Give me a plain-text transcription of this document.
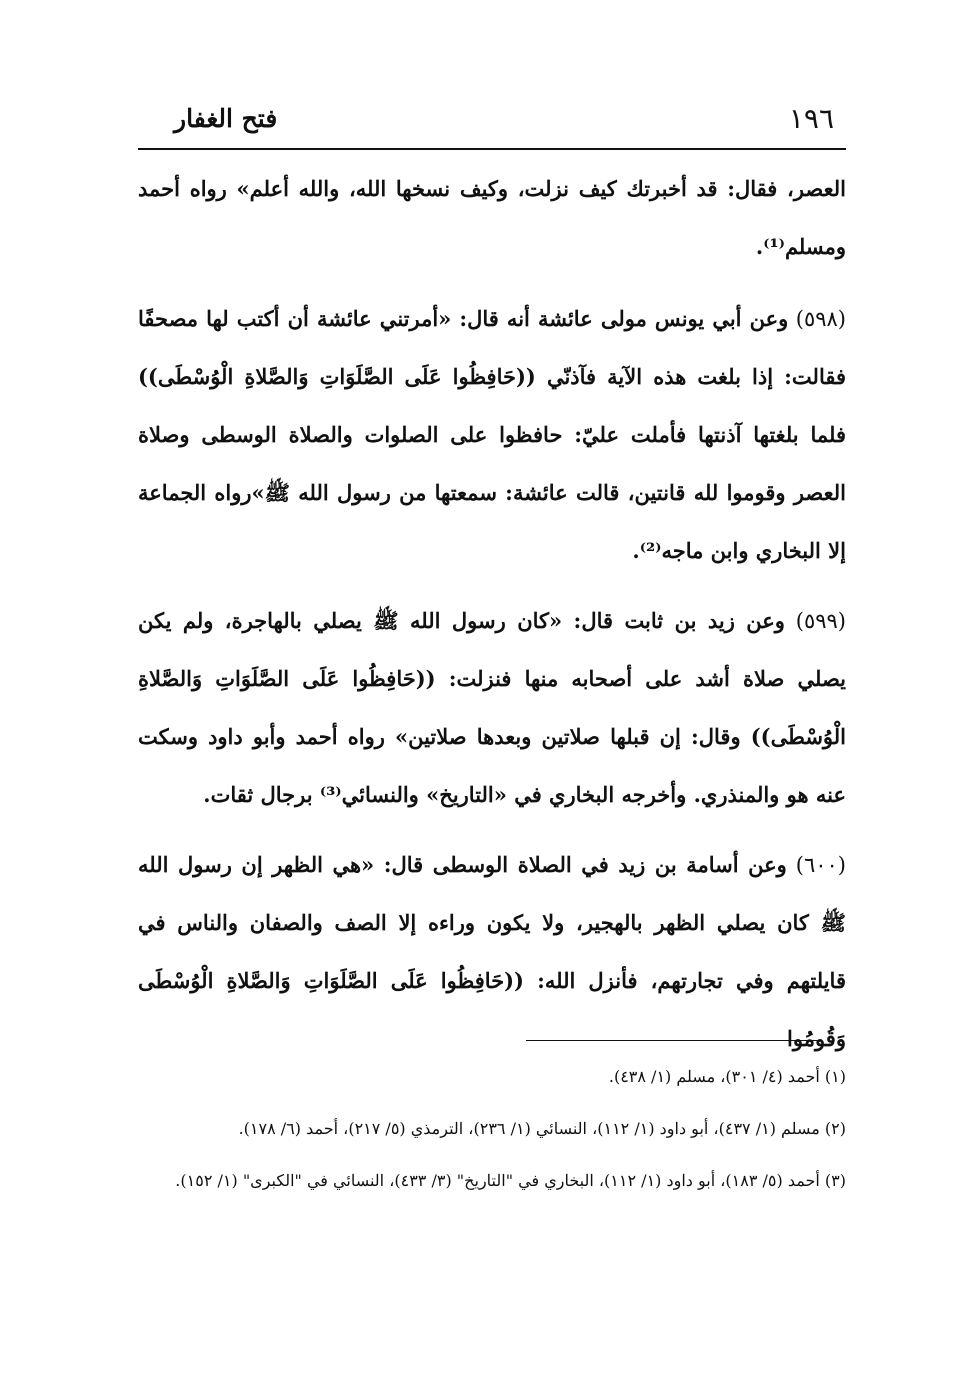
١٩٦
فتح الغفار

العصر، فقال: قد أخبرتك كيف نزلت، وكيف نسخها الله، والله أعلم» رواه أحمد ومسلم⁽¹⁾.

(٥٩٨) وعن أبي يونس مولى عائشة أنه قال: «أمرتني عائشة أن أكتب لها مصحفًا فقالت: إذا بلغت هذه الآية فآذنّي ((حَافِظُوا عَلَى الصَّلَوَاتِ وَالصَّلاةِ الْوُسْطَى)) فلما بلغتها آذنتها فأملت عليّ: حافظوا على الصلوات والصلاة الوسطى وصلاة العصر وقوموا لله قانتين، قالت عائشة: سمعتها من رسول الله ﷺ»رواه الجماعة إلا البخاري وابن ماجه⁽²⁾.

(٥٩٩) وعن زيد بن ثابت قال: «كان رسول الله ﷺ يصلي بالهاجرة، ولم يكن يصلي صلاة أشد على أصحابه منها فنزلت: ((حَافِظُوا عَلَى الصَّلَوَاتِ وَالصَّلاةِ الْوُسْطَى)) وقال: إن قبلها صلاتين وبعدها صلاتين» رواه أحمد وأبو داود وسكت عنه هو والمنذري. وأخرجه البخاري في «التاريخ» والنسائي⁽³⁾ برجال ثقات.

(٦٠٠) وعن أسامة بن زيد في الصلاة الوسطى قال: «هي الظهر إن رسول الله ﷺ كان يصلي الظهر بالهجير، ولا يكون وراءه إلا الصف والصفان والناس في قايلتهم وفي تجارتهم، فأنزل الله: ((حَافِظُوا عَلَى الصَّلَوَاتِ وَالصَّلاةِ الْوُسْطَى وَقُومُوا

(١) أحمد (٤/ ٣٠١)، مسلم (١/ ٤٣٨).

(٢) مسلم (١/ ٤٣٧)، أبو داود (١/ ١١٢)، النسائي (١/ ٢٣٦)، الترمذي (٥/ ٢١٧)، أحمد (٦/ ١٧٨).

(٣) أحمد (٥/ ١٨٣)، أبو داود (١/ ١١٢)، البخاري في "التاريخ" (٣/ ٤٣٣)، النسائي في "الكبرى" (١/ ١٥٢).
